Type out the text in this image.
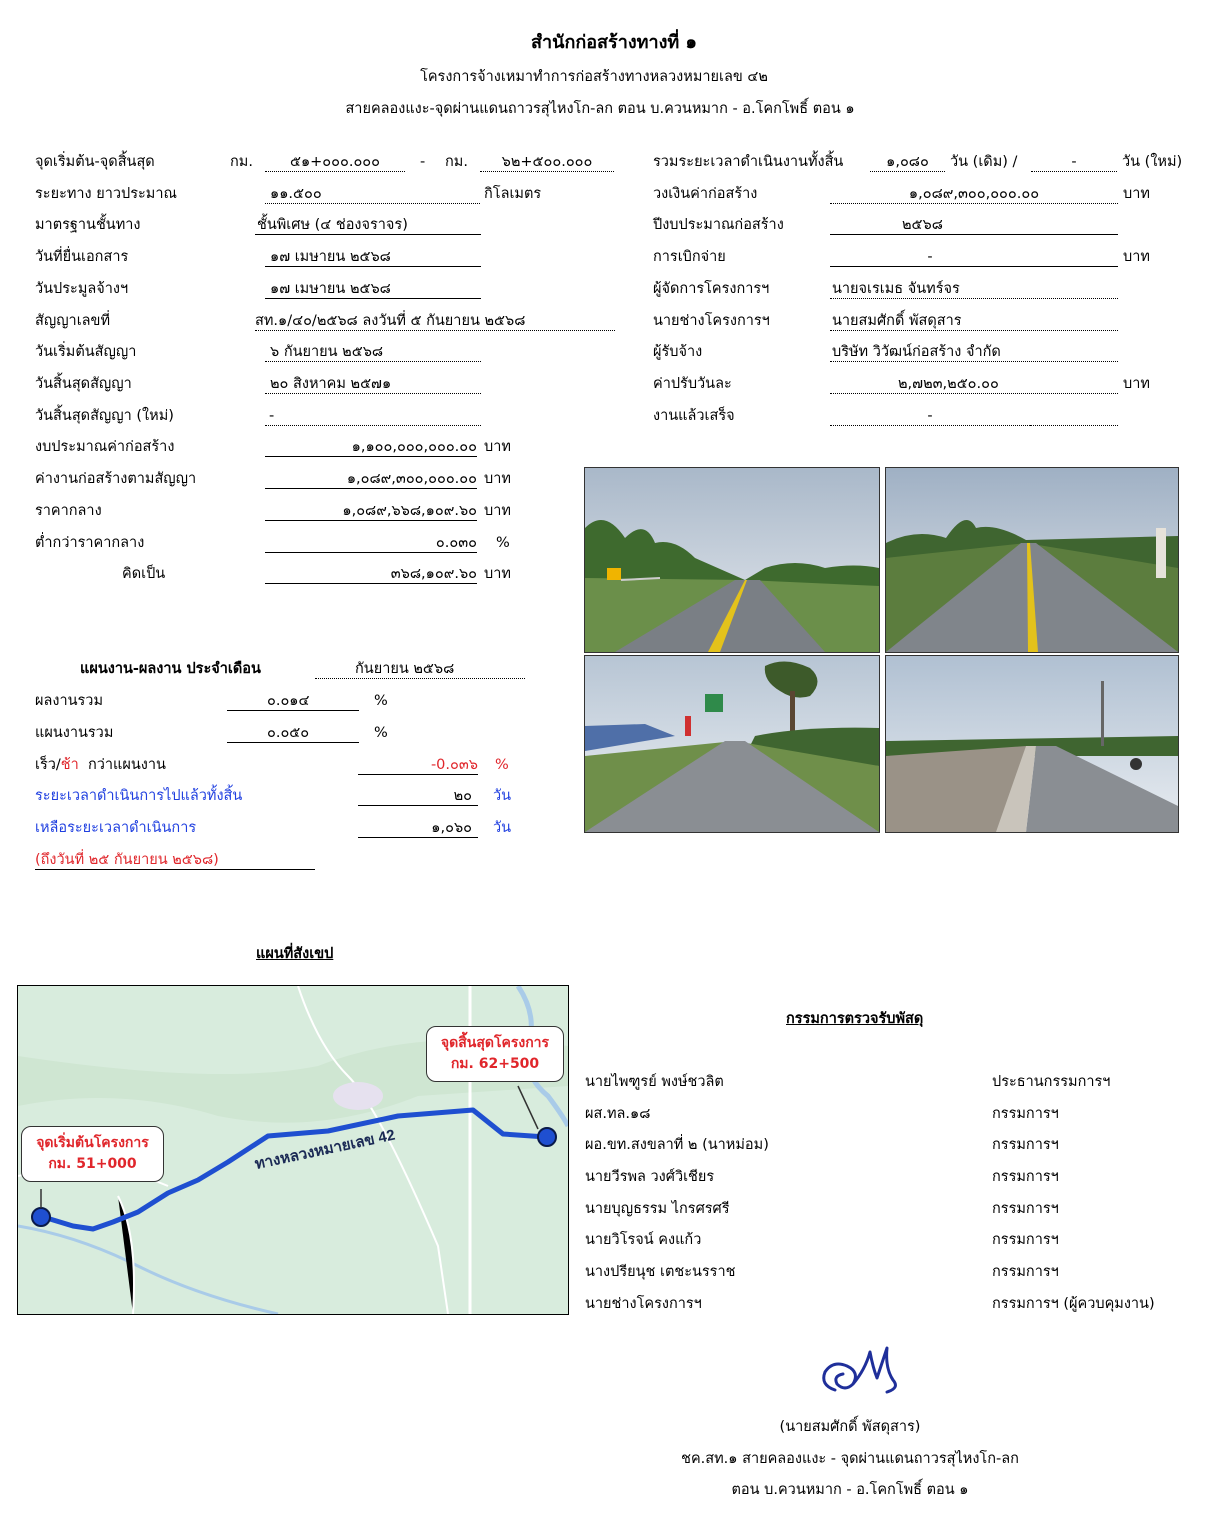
สำนักก่อสร้างทางที่ ๑
โครงการจ้างเหมาทำการก่อสร้างทางหลวงหมายเลข ๔๒
สายคลองแงะ-จุดผ่านแดนถาวรสุไหงโก-ลก ตอน บ.ควนหมาก - อ.โคกโพธิ์ ตอน ๑
จุดเริ่มต้น-จุดสิ้นสุด	กม.	๕๑+๐๐๐.๐๐๐	- กม.	๖๒+๕๐๐.๐๐๐
ระยะทาง ยาวประมาณ	๑๑.๕๐๐	กิโลเมตร
มาตรฐานชั้นทาง	ชั้นพิเศษ (๔ ช่องจราจร)
วันที่ยื่นเอกสาร	๑๗ เมษายน ๒๕๖๘
วันประมูลจ้างฯ	๑๗ เมษายน ๒๕๖๘
สัญญาเลขที่	สท.๑/๔๐/๒๕๖๘ ลงวันที่ ๕ กันยายน ๒๕๖๘
วันเริ่มต้นสัญญา	๖ กันยายน ๒๕๖๘
วันสิ้นสุดสัญญา	๒๐ สิงหาคม ๒๕๗๑
วันสิ้นสุดสัญญา (ใหม่)	-
งบประมาณค่าก่อสร้าง	๑,๑๐๐,๐๐๐,๐๐๐.๐๐ บาท
ค่างานก่อสร้างตามสัญญา	๑,๐๘๙,๓๐๐,๐๐๐.๐๐ บาท
ราคากลาง	๑,๐๘๙,๖๖๘,๑๐๙.๖๐ บาท
ต่ำกว่าราคากลาง	๐.๐๓๐ %
คิดเป็น	๓๖๘,๑๐๙.๖๐ บาท
รวมระยะเวลาดำเนินงานทั้งสิ้น	๑,๐๘๐	วัน (เดิม) /	-	วัน (ใหม่)
วงเงินค่าก่อสร้าง	๑,๐๘๙,๓๐๐,๐๐๐.๐๐	บาท
ปีงบประมาณก่อสร้าง	๒๕๖๘
การเบิกจ่าย	-	บาท
ผู้จัดการโครงการฯ	นายจเรเมธ จันทร์จร
นายช่างโครงการฯ	นายสมศักดิ์ พัสดุสาร
ผู้รับจ้าง	บริษัท วิวัฒน์ก่อสร้าง จำกัด
ค่าปรับวันละ	๒,๗๒๓,๒๕๐.๐๐	บาท
งานแล้วเสร็จ	-
แผนงาน-ผลงาน ประจำเดือน	กันยายน ๒๕๖๘
ผลงานรวม	๐.๐๑๔	%
แผนงานรวม	๐.๐๕๐	%
เร็ว/ช้า  กว่าแผนงาน	-0.๐๓๖ %
ระยะเวลาดำเนินการไปแล้วทั้งสิ้น	๒๐	วัน
เหลือระยะเวลาดำเนินการ	๑,๐๖๐	วัน
(ถึงวันที่ ๒๕ กันยายน ๒๕๖๘)
แผนที่สังเขป
ทางหลวงหมายเลข 42
จุดเริ่มต้นโครงการ
กม. 51+000
จุดสิ้นสุดโครงการ
กม. 62+500
กรรมการตรวจรับพัสดุ
นายไพฑูรย์ พงษ์ชวลิต	ประธานกรรมการฯ
ผส.ทล.๑๘	กรรมการฯ
ผอ.ขท.สงขลาที่ ๒ (นาหม่อม)	กรรมการฯ
นายวีรพล วงศ์วิเชียร	กรรมการฯ
นายบุญธรรม ไกรศรศรี	กรรมการฯ
นายวิโรจน์ คงแก้ว	กรรมการฯ
นางปรียนุช เตชะนรราช	กรรมการฯ
นายช่างโครงการฯ	กรรมการฯ (ผู้ควบคุมงาน)
(นายสมศักดิ์ พัสดุสาร)
ชค.สท.๑ สายคลองแงะ - จุดผ่านแดนถาวรสุไหงโก-ลก
ตอน บ.ควนหมาก - อ.โคกโพธิ์ ตอน ๑
